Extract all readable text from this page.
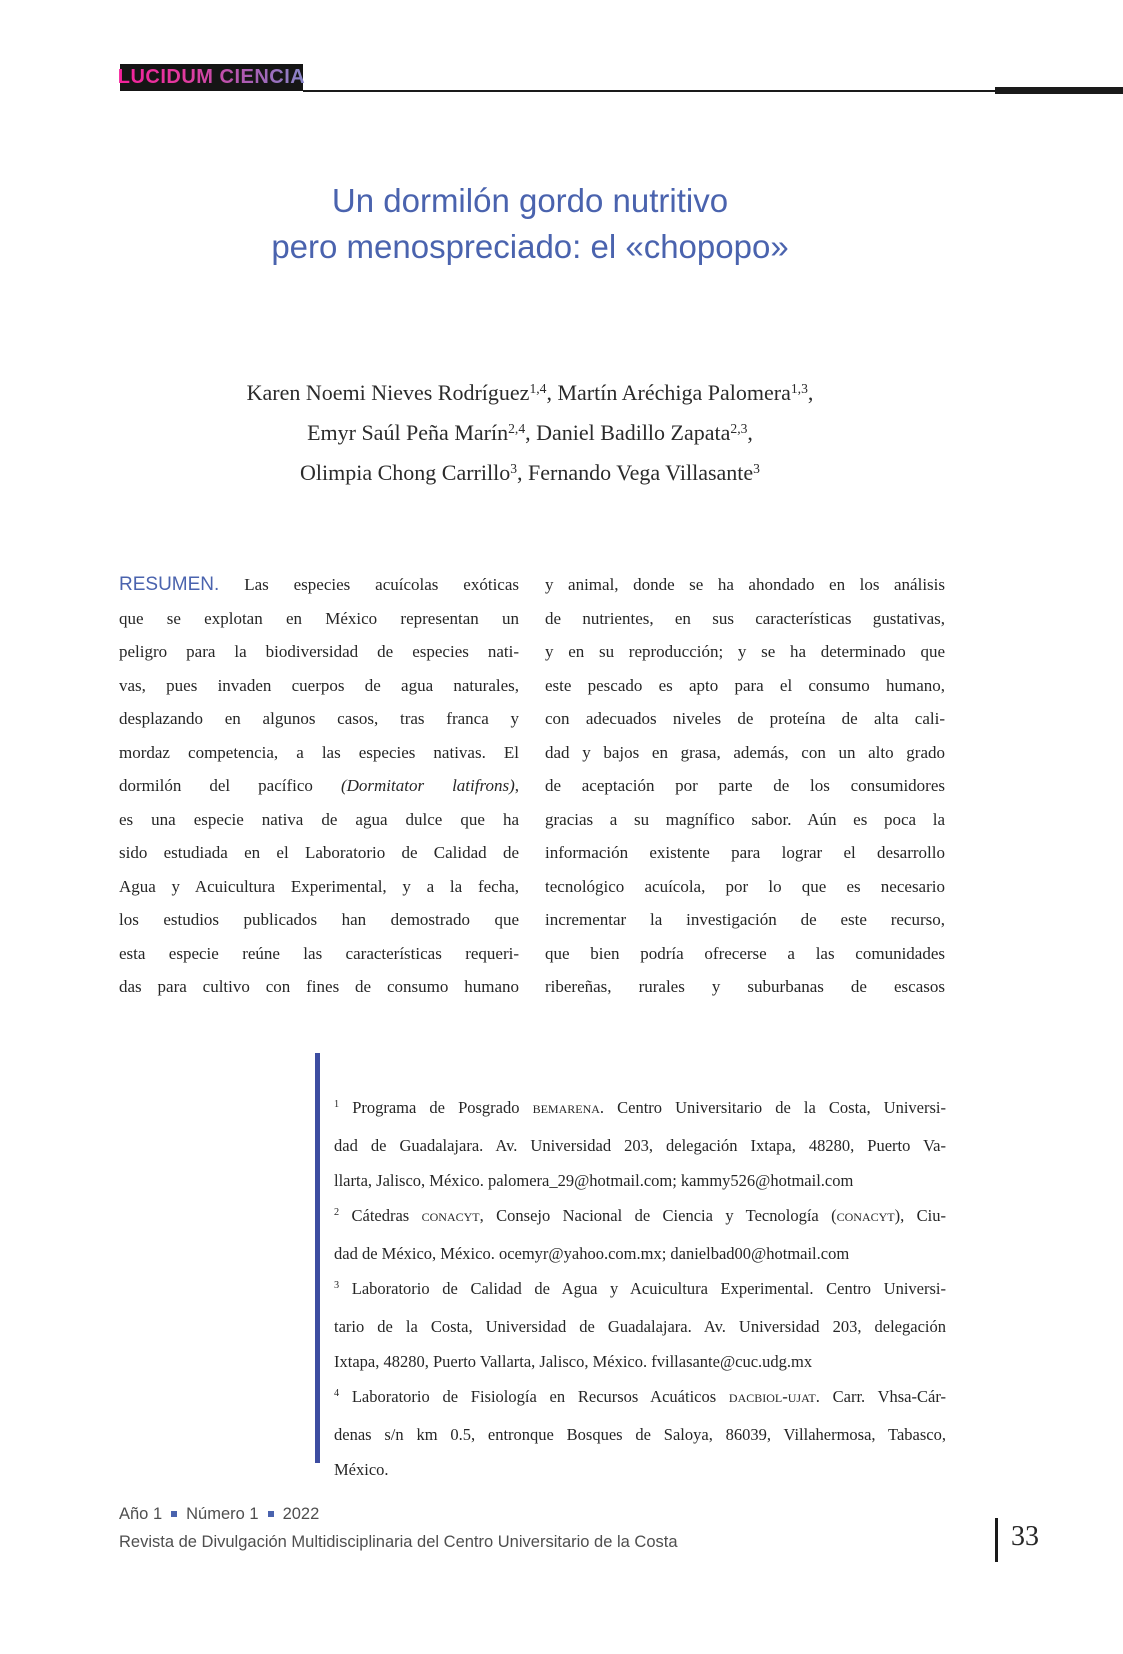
LUCIDUM CIENCIA
Un dormilón gordo nutritivo
pero menospreciado: el «chopopo»
Karen Noemi Nieves Rodríguez$^{1,4}$, Martín Aréchiga Palomera$^{1,3}$,
Emyr Saúl Peña Marín$^{2,4}$, Daniel Badillo Zapata$^{2,3}$,
Olimpia Chong Carrillo$^3$, Fernando Vega Villasante$^3$
RESUMEN. Las especies acuícolas exóticas
que se explotan en México representan un
peligro para la biodiversidad de especies nati-
vas, pues invaden cuerpos de agua naturales,
desplazando en algunos casos, tras franca y
mordaz competencia, a las especies nativas. El
dormilón del pacífico (Dormitator latifrons),
es una especie nativa de agua dulce que ha
sido estudiada en el Laboratorio de Calidad de
Agua y Acuicultura Experimental, y a la fecha,
los estudios publicados han demostrado que
esta especie reúne las características requeri-
das para cultivo con fines de consumo humano
y animal, donde se ha ahondado en los análisis
de nutrientes, en sus características gustativas,
y en su reproducción; y se ha determinado que
este pescado es apto para el consumo humano,
con adecuados niveles de proteína de alta cali-
dad y bajos en grasa, además, con un alto grado
de aceptación por parte de los consumidores
gracias a su magnífico sabor. Aún es poca la
información existente para lograr el desarrollo
tecnológico acuícola, por lo que es necesario
incrementar la investigación de este recurso,
que bien podría ofrecerse a las comunidades
ribereñas, rurales y suburbanas de escasos
$^1$ Programa de Posgrado bemarena. Centro Universitario de la Costa, Universi-
dad de Guadalajara. Av. Universidad 203, delegación Ixtapa, 48280, Puerto Va-
llarta, Jalisco, México. palomera_29@hotmail.com; kammy526@hotmail.com
$^2$ Cátedras conacyt, Consejo Nacional de Ciencia y Tecnología (conacyt), Ciu-
dad de México, México. ocemyr@yahoo.com.mx; danielbad00@hotmail.com
$^3$ Laboratorio de Calidad de Agua y Acuicultura Experimental. Centro Universi-
tario de la Costa, Universidad de Guadalajara. Av. Universidad 203, delegación
Ixtapa, 48280, Puerto Vallarta, Jalisco, México. fvillasante@cuc.udg.mx
$^4$ Laboratorio de Fisiología en Recursos Acuáticos dacbiol-ujat. Carr. Vhsa-Cár-
denas s/n km 0.5, entronque Bosques de Saloya, 86039, Villahermosa, Tabasco,
México.
Año 1 Número 1 2022
Revista de Divulgación Multidisciplinaria del Centro Universitario de la Costa	33
